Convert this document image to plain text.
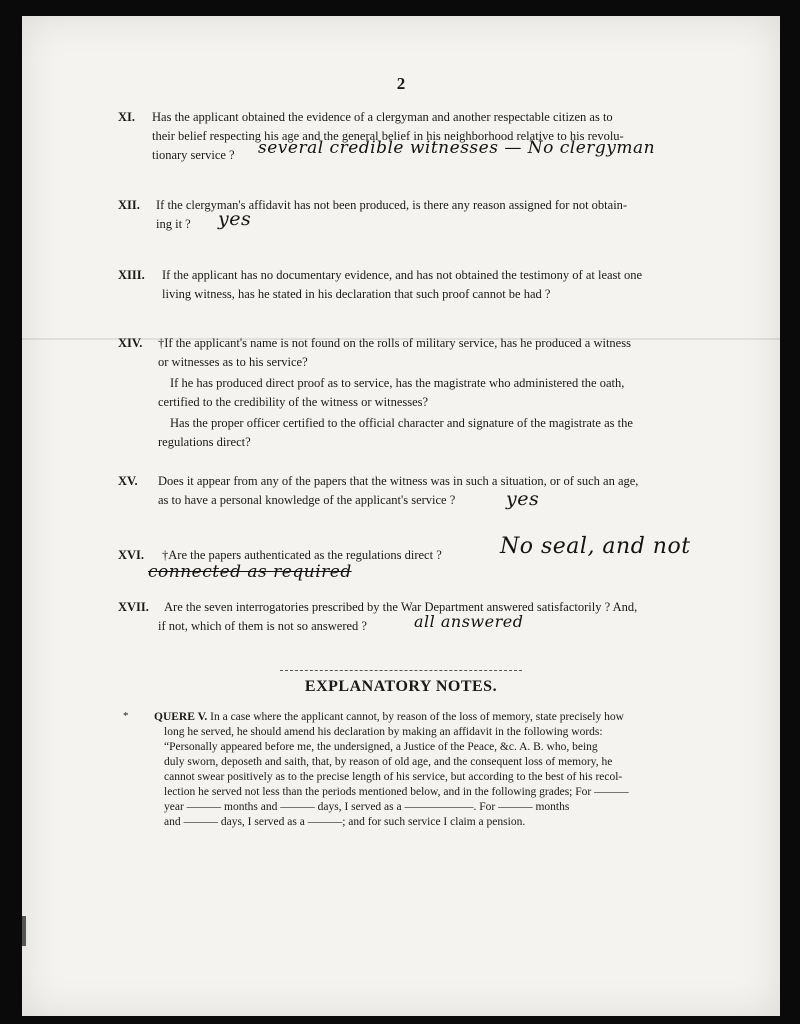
2
XI. Has the applicant obtained the evidence of a clergyman and another respectable citizen as to
their belief respecting his age and the general belief in his neighborhood relative to his revolu-
tionary service ? several credible witnesses — No clergyman
XII. If the clergyman's affidavit has not been produced, is there any reason assigned for not obtain-
ing it ? yes
XIII. If the applicant has no documentary evidence, and has not obtained the testimony of at least one
living witness, has he stated in his declaration that such proof cannot be had ?
XIV. †If the applicant's name is not found on the rolls of military service, has he produced a witness
or witnesses as to his service?
If he has produced direct proof as to service, has the magistrate who administered the oath,
certified to the credibility of the witness or witnesses?
Has the proper officer certified to the official character and signature of the magistrate as the
regulations direct?
XV. Does it appear from any of the papers that the witness was in such a situation, or of such an age,
as to have a personal knowledge of the applicant's service ?	yes
XVI. †Are the papers authenticated as the regulations direct ?	No seal, and not
connected as required
XVII. Are the seven interrogatories prescribed by the War Department answered satisfactorily ? And,
if not, which of them is not so answered ?	all answered
EXPLANATORY NOTES.
* QUERE V. In a case where the applicant cannot, by reason of the loss of memory, state precisely how

long he served, he should amend his declaration by making an affidavit in the following words:

“Personally appeared before me, the undersigned, a Justice of the Peace, &c. A. B. who, being

duly sworn, deposeth and saith, that, by reason of old age, and the consequent loss of memory, he

cannot swear positively as to the precise length of his service, but according to the best of his recol-

lection he served not less than the periods mentioned below, and in the following grades; For ———

year ——— months and ——— days, I served as a ——————. For ——— months

and ——— days, I served as a ———; and for such service I claim a pension.
